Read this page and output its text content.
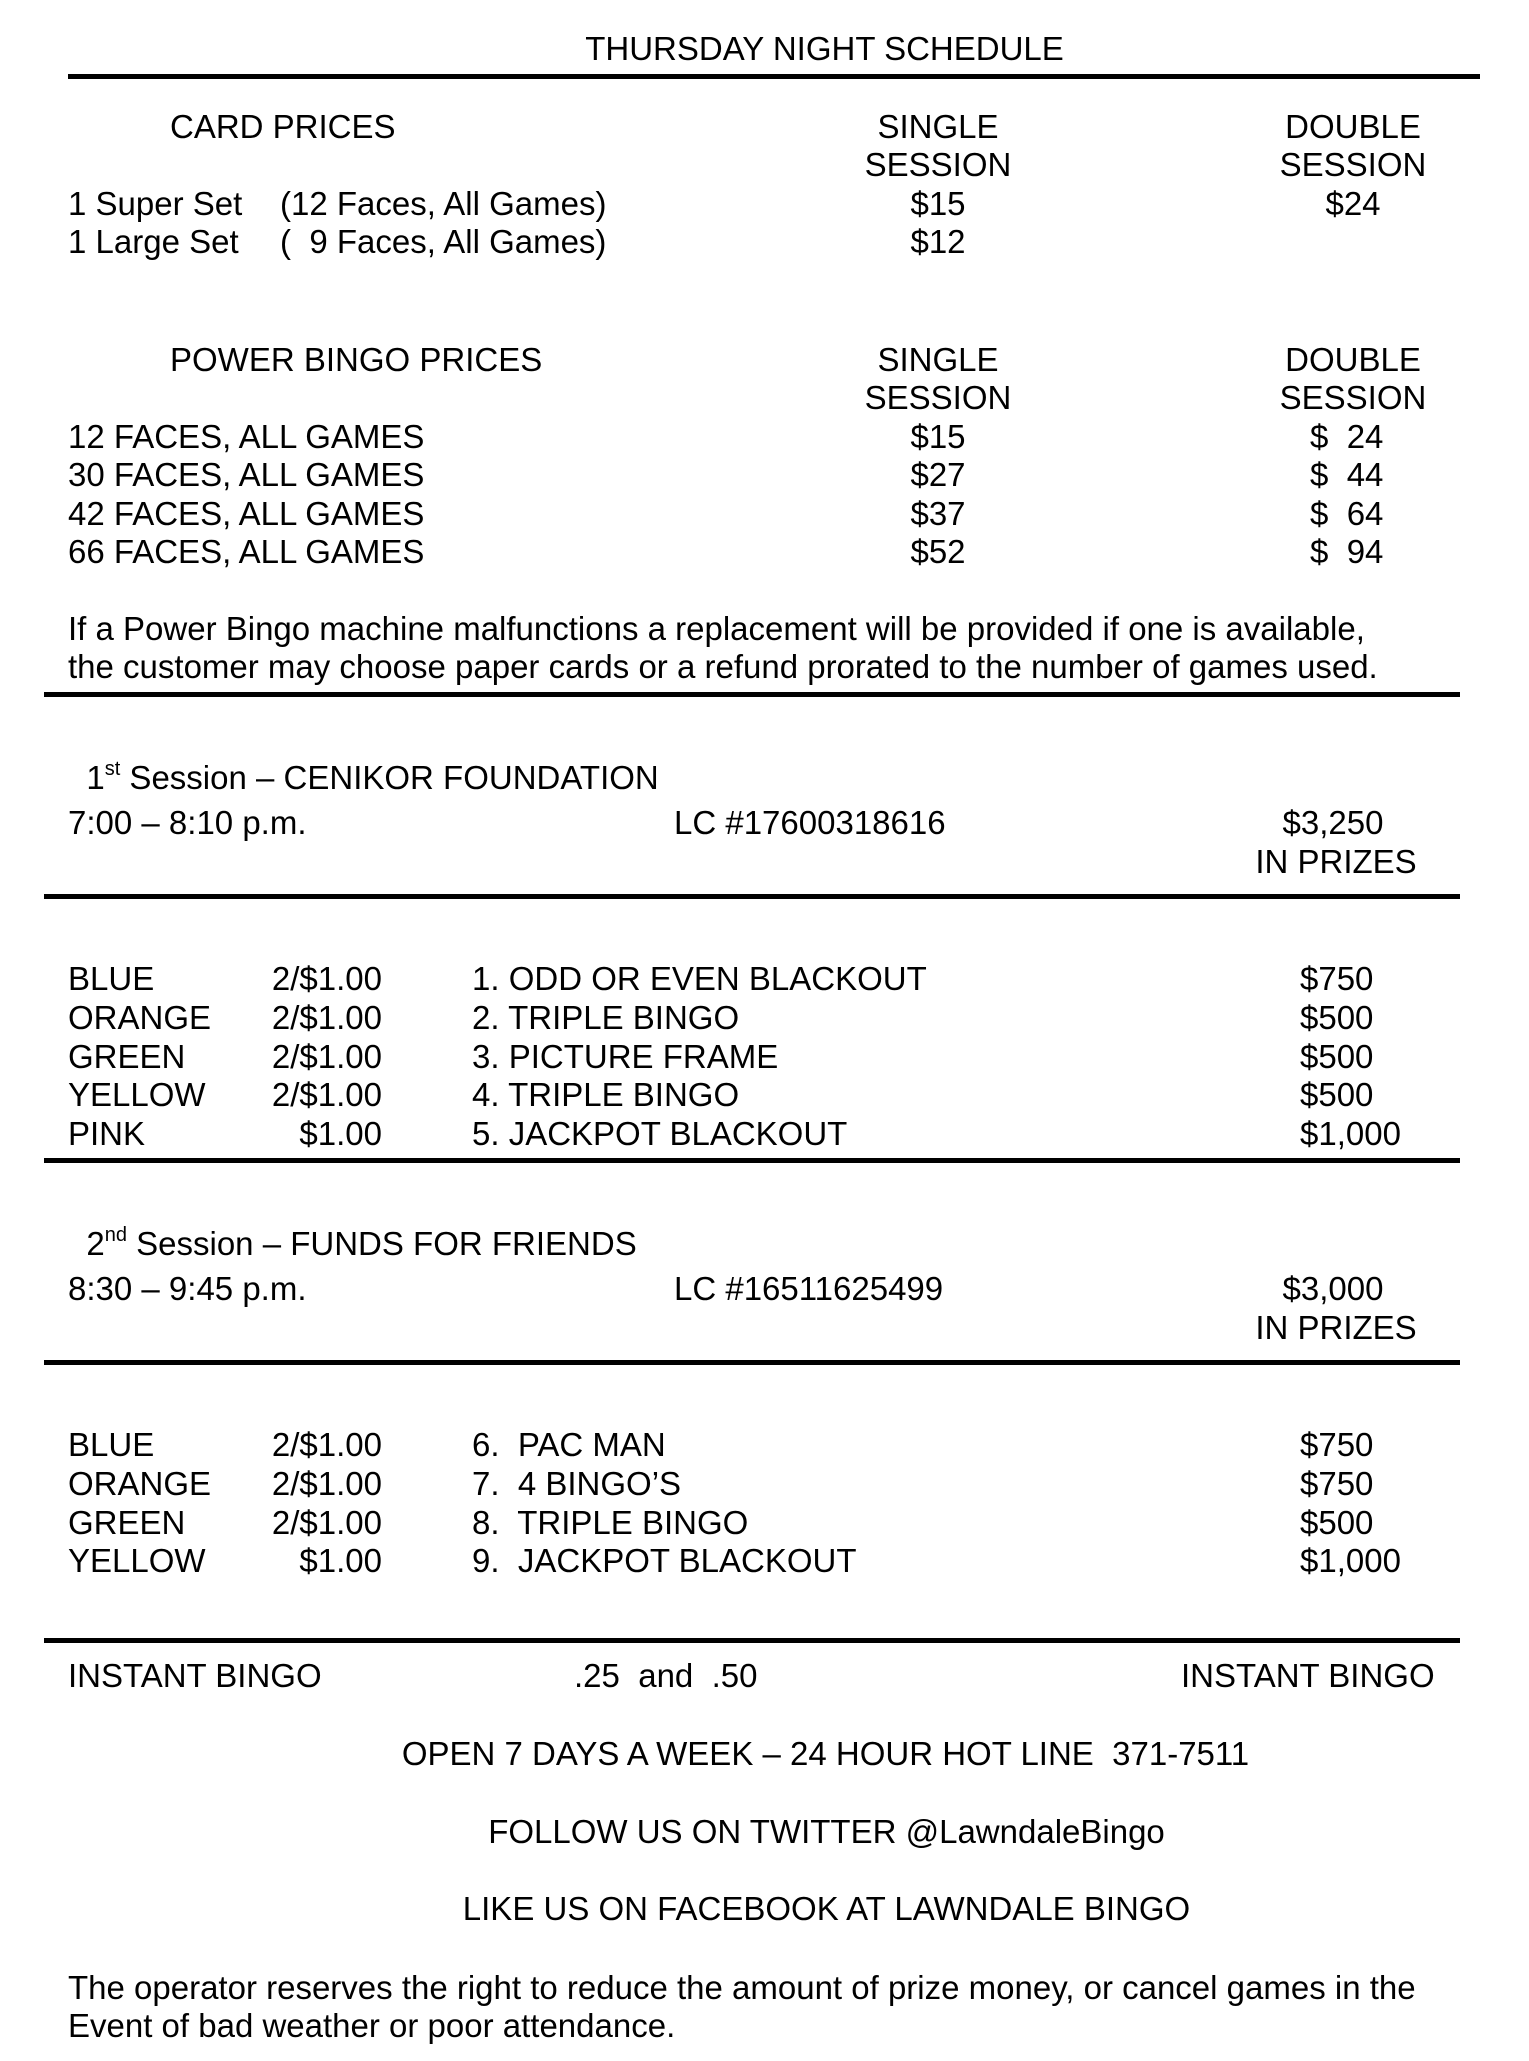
THURSDAY NIGHT SCHEDULE
CARD PRICES	SINGLE
SESSION
DOUBLE
SESSION
1 Super Set (12 Faces, All Games)	$15	$24
1 Large Set (  9 Faces, All Games)	$12
POWER BINGO PRICES	SINGLE
SESSION
DOUBLE
SESSION
12 FACES, ALL GAMES	$15	$  24
30 FACES, ALL GAMES	$27	$  44
42 FACES, ALL GAMES	$37	$  64
66 FACES, ALL GAMES	$52	$  94
If a Power Bingo machine malfunctions a replacement will be provided if one is available,
the customer may choose paper cards or a refund prorated to the number of games used.

1st Session – CENIKOR FOUNDATION

7:00 – 8:10 p.m.	LC #17600318616	$3,250
IN PRIZES
BLUE	2/$1.00	1. ODD OR EVEN BLACKOUT	$750
ORANGE	2/$1.00	2. TRIPLE BINGO	$500
GREEN	2/$1.00	3. PICTURE FRAME	$500
YELLOW	2/$1.00	4. TRIPLE BINGO	$500
PINK	$1.00	5. JACKPOT BLACKOUT	$1,000

2nd Session – FUNDS FOR FRIENDS

8:30 – 9:45 p.m.	LC #16511625499	$3,000
IN PRIZES
BLUE	2/$1.00	6.  PAC MAN	$750
ORANGE	2/$1.00	7.  4 BINGO’S	$750
GREEN	2/$1.00	8.  TRIPLE BINGO	$500
YELLOW	$1.00	9.  JACKPOT BLACKOUT	$1,000
INSTANT BINGO	.25  and  .50	INSTANT BINGO
OPEN 7 DAYS A WEEK – 24 HOUR HOT LINE  371-7511
FOLLOW US ON TWITTER @LawndaleBingo
LIKE US ON FACEBOOK AT LAWNDALE BINGO
The operator reserves the right to reduce the amount of prize money, or cancel games in the
Event of bad weather or poor attendance.
